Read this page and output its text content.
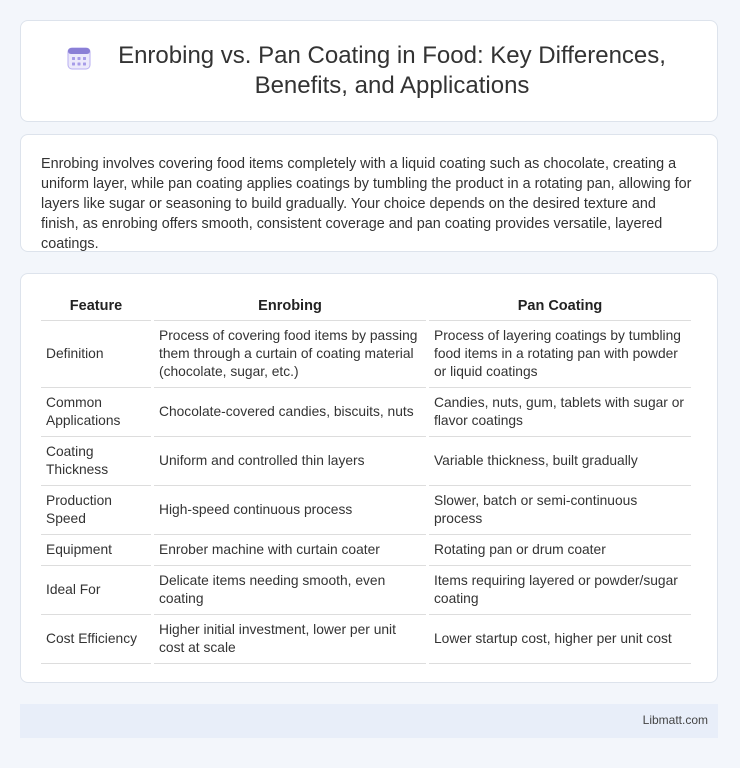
Enrobing vs. Pan Coating in Food: Key Differences, Benefits, and Applications

Enrobing involves covering food items completely with a liquid coating such as chocolate, creating a uniform layer, while pan coating applies coatings by tumbling the product in a rotating pan, allowing for layers like sugar or seasoning to build gradually. Your choice depends on the desired texture and finish, as enrobing offers smooth, consistent coverage and pan coating provides versatile, layered coatings.

Feature	Enrobing	Pan Coating
Definition	Process of covering food items by passing them through a curtain of coating material (chocolate, sugar, etc.)	Process of layering coatings by tumbling food items in a rotating pan with powder or liquid coatings
Common Applications	Chocolate-covered candies, biscuits, nuts	Candies, nuts, gum, tablets with sugar or flavor coatings
Coating Thickness	Uniform and controlled thin layers	Variable thickness, built gradually
Production Speed	High-speed continuous process	Slower, batch or semi-continuous process
Equipment	Enrober machine with curtain coater	Rotating pan or drum coater
Ideal For	Delicate items needing smooth, even coating	Items requiring layered or powder/sugar coating
Cost Efficiency	Higher initial investment, lower per unit cost at scale	Lower startup cost, higher per unit cost
Libmatt.com
